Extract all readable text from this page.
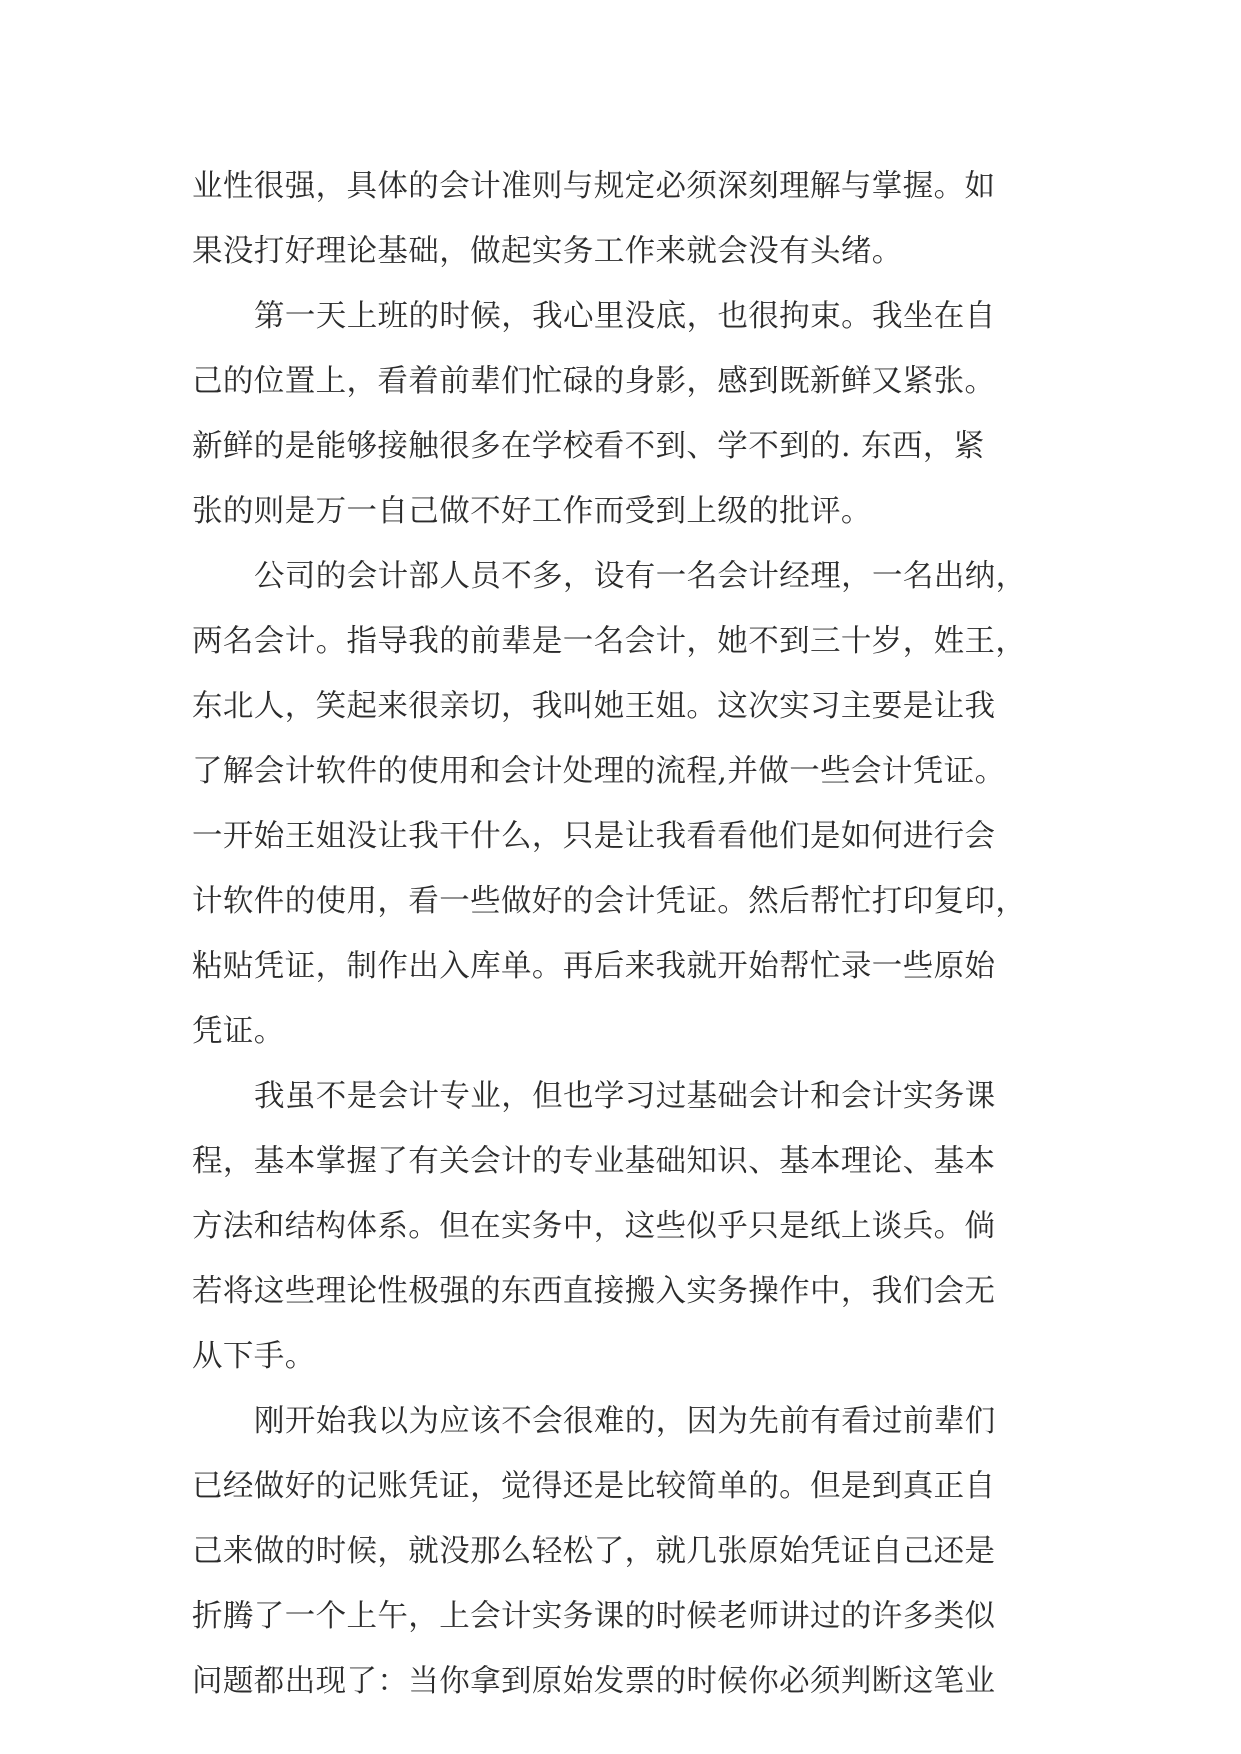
业性很强，具体的会计准则与规定必须深刻理解与掌握。如
果没打好理论基础，做起实务工作来就会没有头绪。
第一天上班的时候，我心里没底，也很拘束。我坐在自
己的位置上，看着前辈们忙碌的身影，感到既新鲜又紧张。
新鲜的是能够接触很多在学校看不到、学不到的. 东西，紧
张的则是万一自己做不好工作而受到上级的批评。
公司的会计部人员不多，设有一名会计经理，一名出纳，
两名会计。指导我的前辈是一名会计，她不到三十岁，姓王，
东北人，笑起来很亲切，我叫她王姐。这次实习主要是让我
了解会计软件的使用和会计处理的流程,并做一些会计凭证。
一开始王姐没让我干什么，只是让我看看他们是如何进行会
计软件的使用，看一些做好的会计凭证。然后帮忙打印复印，
粘贴凭证，制作出入库单。再后来我就开始帮忙录一些原始
凭证。
我虽不是会计专业，但也学习过基础会计和会计实务课
程，基本掌握了有关会计的专业基础知识、基本理论、基本
方法和结构体系。但在实务中，这些似乎只是纸上谈兵。倘
若将这些理论性极强的东西直接搬入实务操作中，我们会无
从下手。
刚开始我以为应该不会很难的，因为先前有看过前辈们
已经做好的记账凭证，觉得还是比较简单的。但是到真正自
己来做的时候，就没那么轻松了，就几张原始凭证自己还是
折腾了一个上午，上会计实务课的时候老师讲过的许多类似
问题都出现了：当你拿到原始发票的时候你必须判断这笔业
